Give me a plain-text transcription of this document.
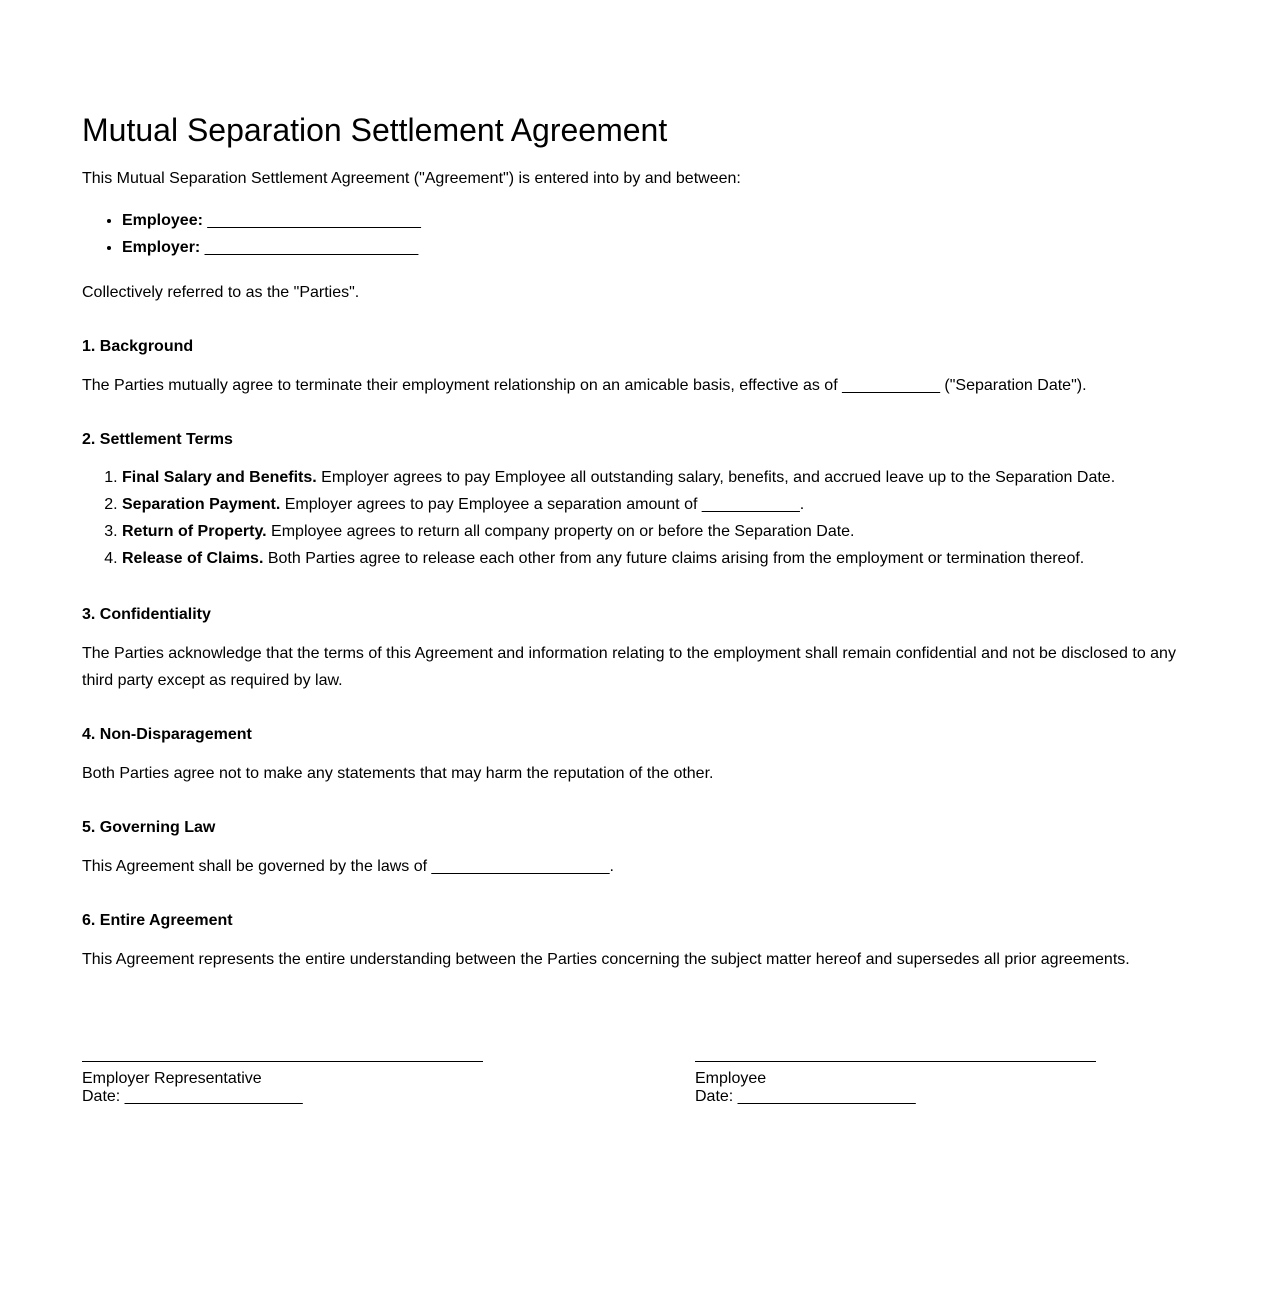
Mutual Separation Settlement Agreement

This Mutual Separation Settlement Agreement ("Agreement") is entered into by and between:

• Employee: ________________________
• Employer: ________________________

Collectively referred to as the "Parties".

1. Background

The Parties mutually agree to terminate their employment relationship on an amicable basis, effective as of ___________ ("Separation Date").

2. Settlement Terms
1. Final Salary and Benefits. Employer agrees to pay Employee all outstanding salary, benefits, and accrued leave up to the Separation Date.
2. Separation Payment. Employer agrees to pay Employee a separation amount of ___________.
3. Return of Property. Employee agrees to return all company property on or before the Separation Date.
4. Release of Claims. Both Parties agree to release each other from any future claims arising from the employment or termination thereof.
3. Confidentiality

The Parties acknowledge that the terms of this Agreement and information relating to the employment shall remain confidential and not be disclosed to any

third party except as required by law.

4. Non-Disparagement

Both Parties agree not to make any statements that may harm the reputation of the other.

5. Governing Law

This Agreement shall be governed by the laws of ____________________.

6. Entire Agreement

This Agreement represents the entire understanding between the Parties concerning the subject matter hereof and supersedes all prior agreements.

Employer Representative
Date: ____________________
Employee
Date: ____________________
